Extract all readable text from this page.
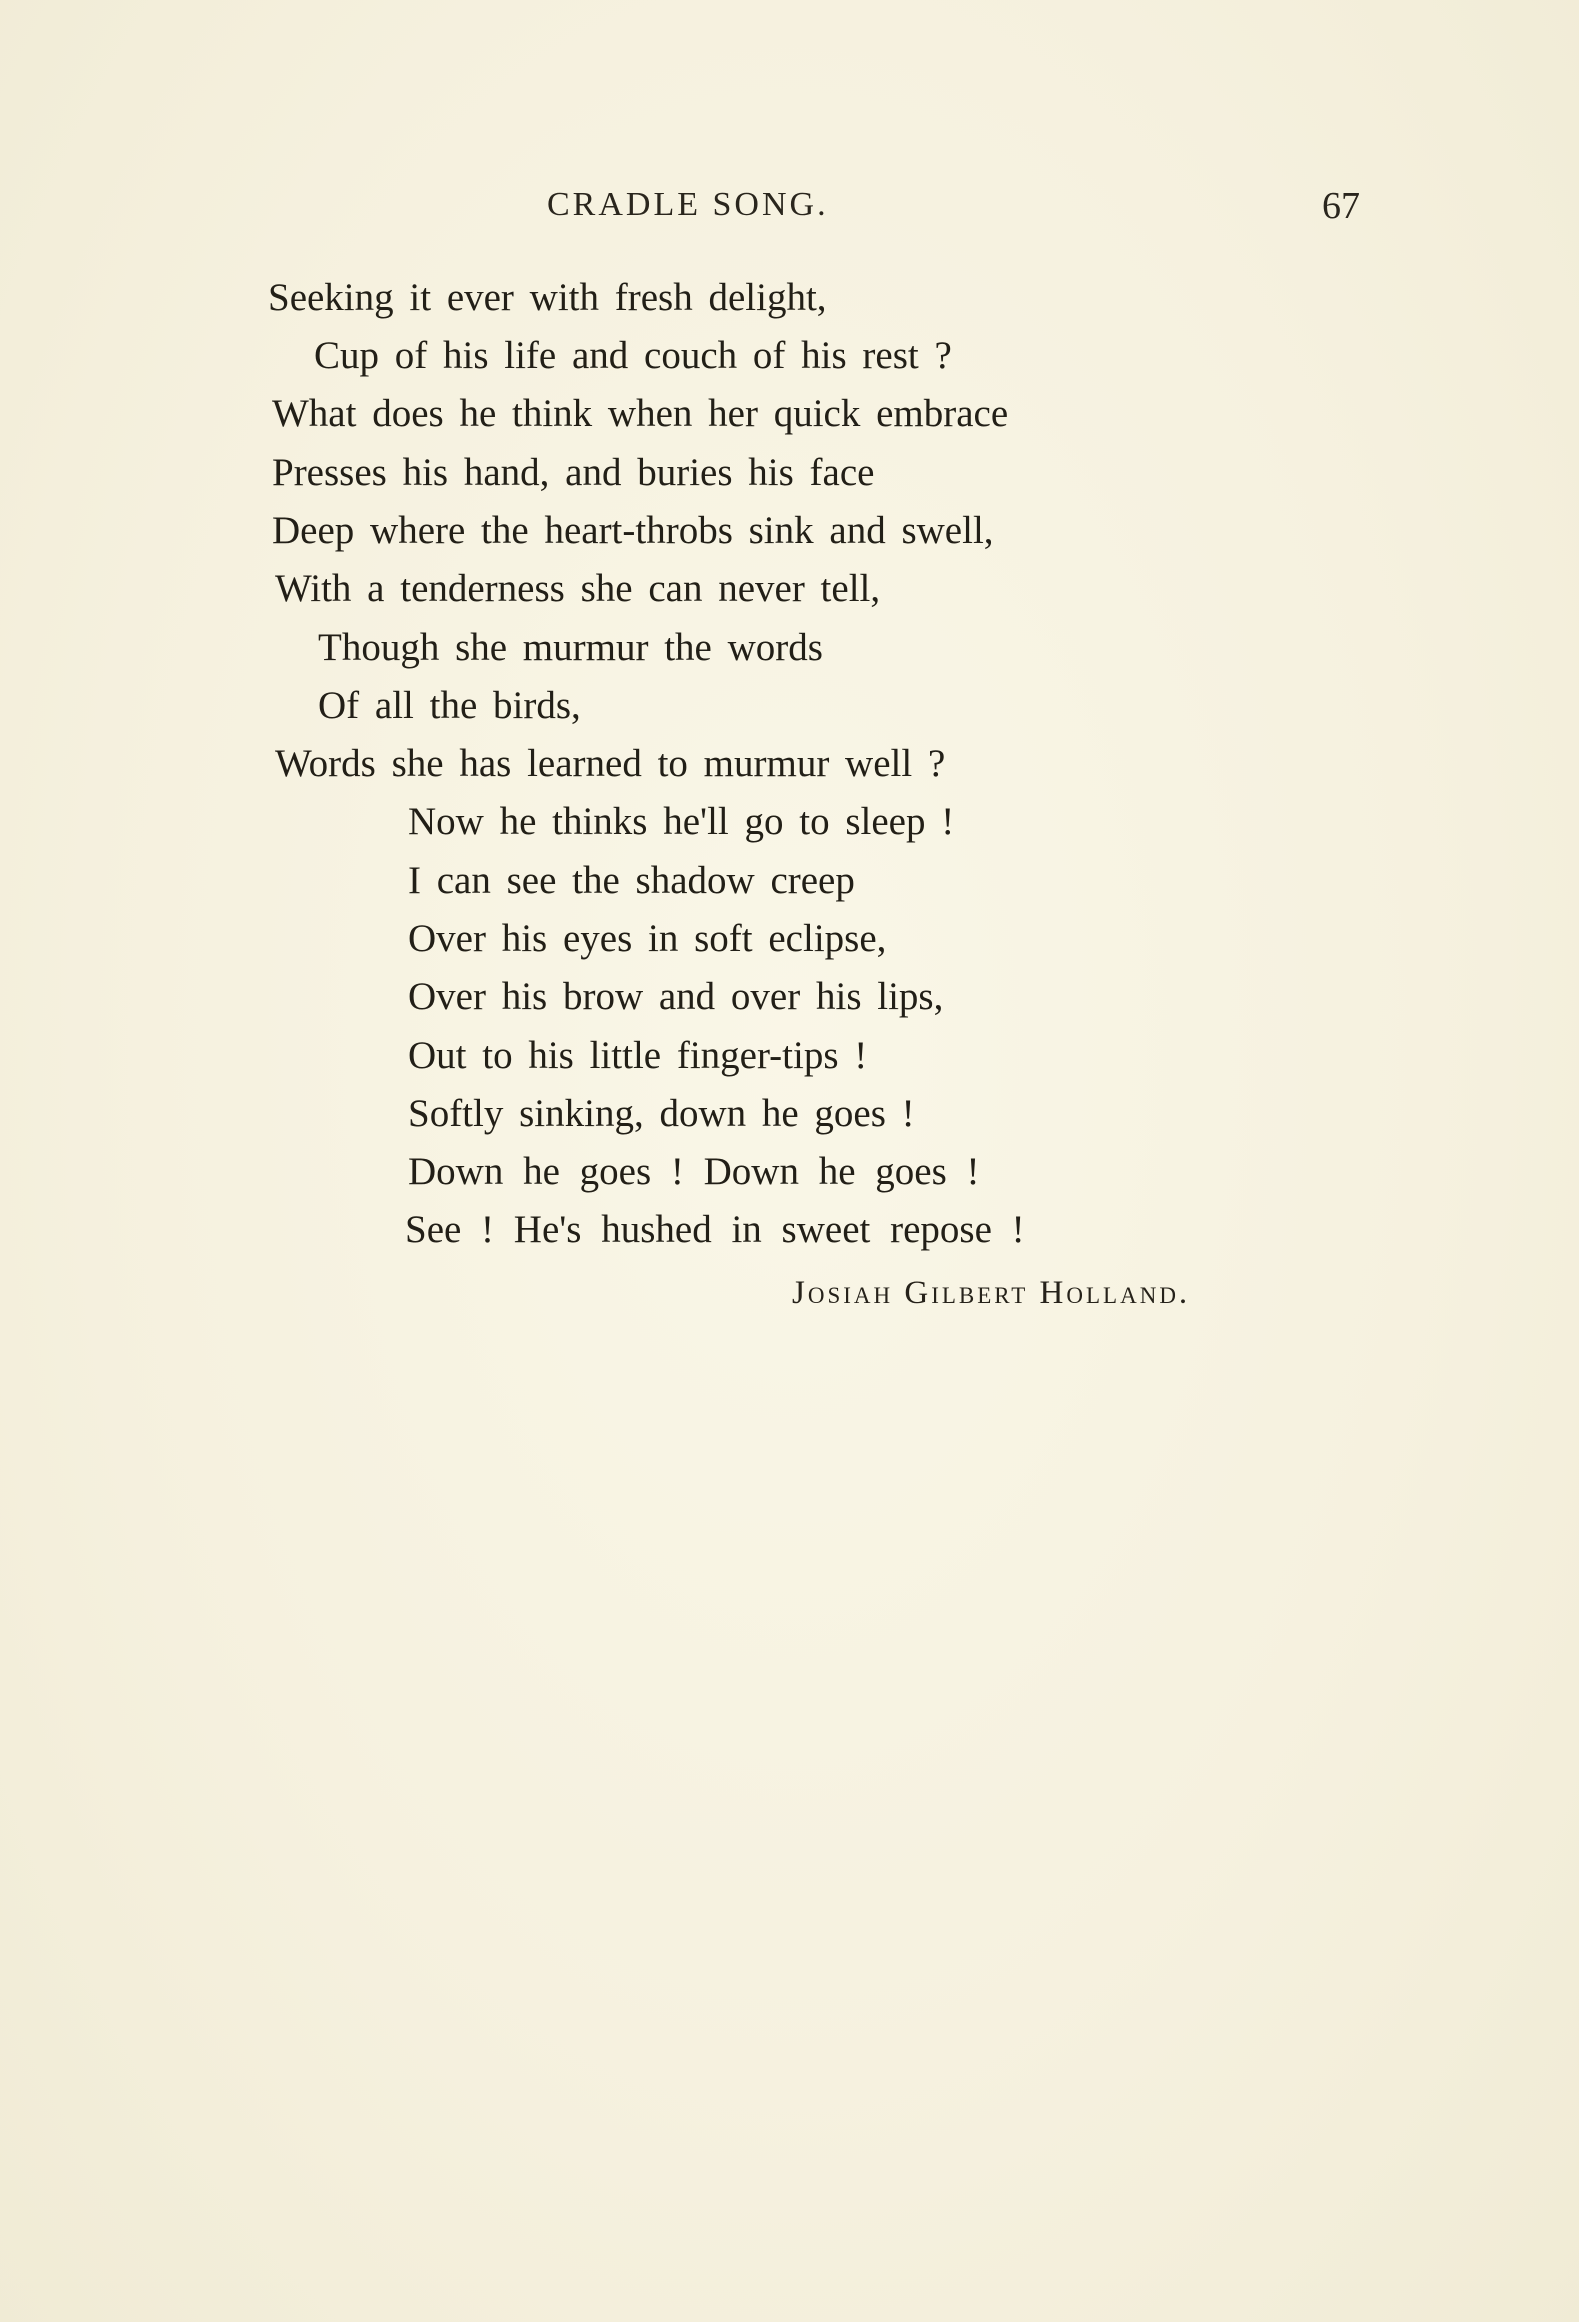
CRADLE SONG.	67
Seeking it ever with fresh delight,
Cup of his life and couch of his rest ?
What does he think when her quick embrace
Presses his hand, and buries his face
Deep where the heart-throbs sink and swell,
With a tenderness she can never tell,
Though she murmur the words
Of all the birds,
Words she has learned to murmur well ?
Now he thinks he'll go to sleep !
I can see the shadow creep
Over his eyes in soft eclipse,
Over his brow and over his lips,
Out to his little finger-tips !
Softly sinking, down he goes !
Down he goes ! Down he goes !
See ! He's hushed in sweet repose !
Josiah Gilbert Holland.
